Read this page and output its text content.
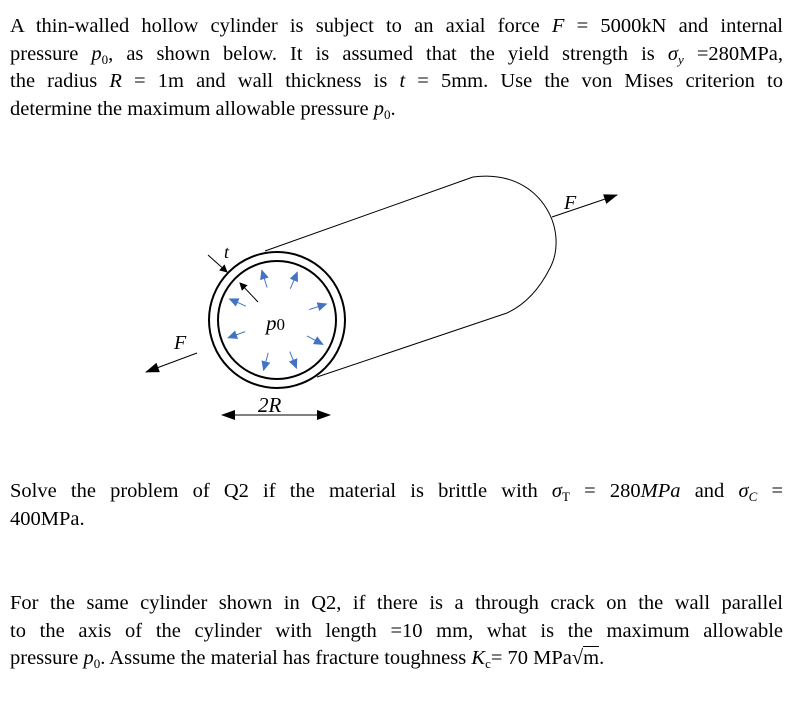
A thin-walled hollow cylinder is subject to an axial force F = 5000kN and internal
pressure p0, as shown below. It is assumed that the yield strength is σy =280MPa,
the radius R = 1m and wall thickness is t = 5mm. Use the von Mises criterion to
determine the maximum allowable pressure p0.
F
F
t
p0
2R
Solve the problem of Q2 if the material is brittle with σT = 280MPa and σC =
400MPa.
For the same cylinder shown in Q2, if there is a through crack on the wall parallel
to the axis of the cylinder with length =10 mm, what is the maximum allowable
pressure p0. Assume the material has fracture toughness Kc= 70 MPa√m.
